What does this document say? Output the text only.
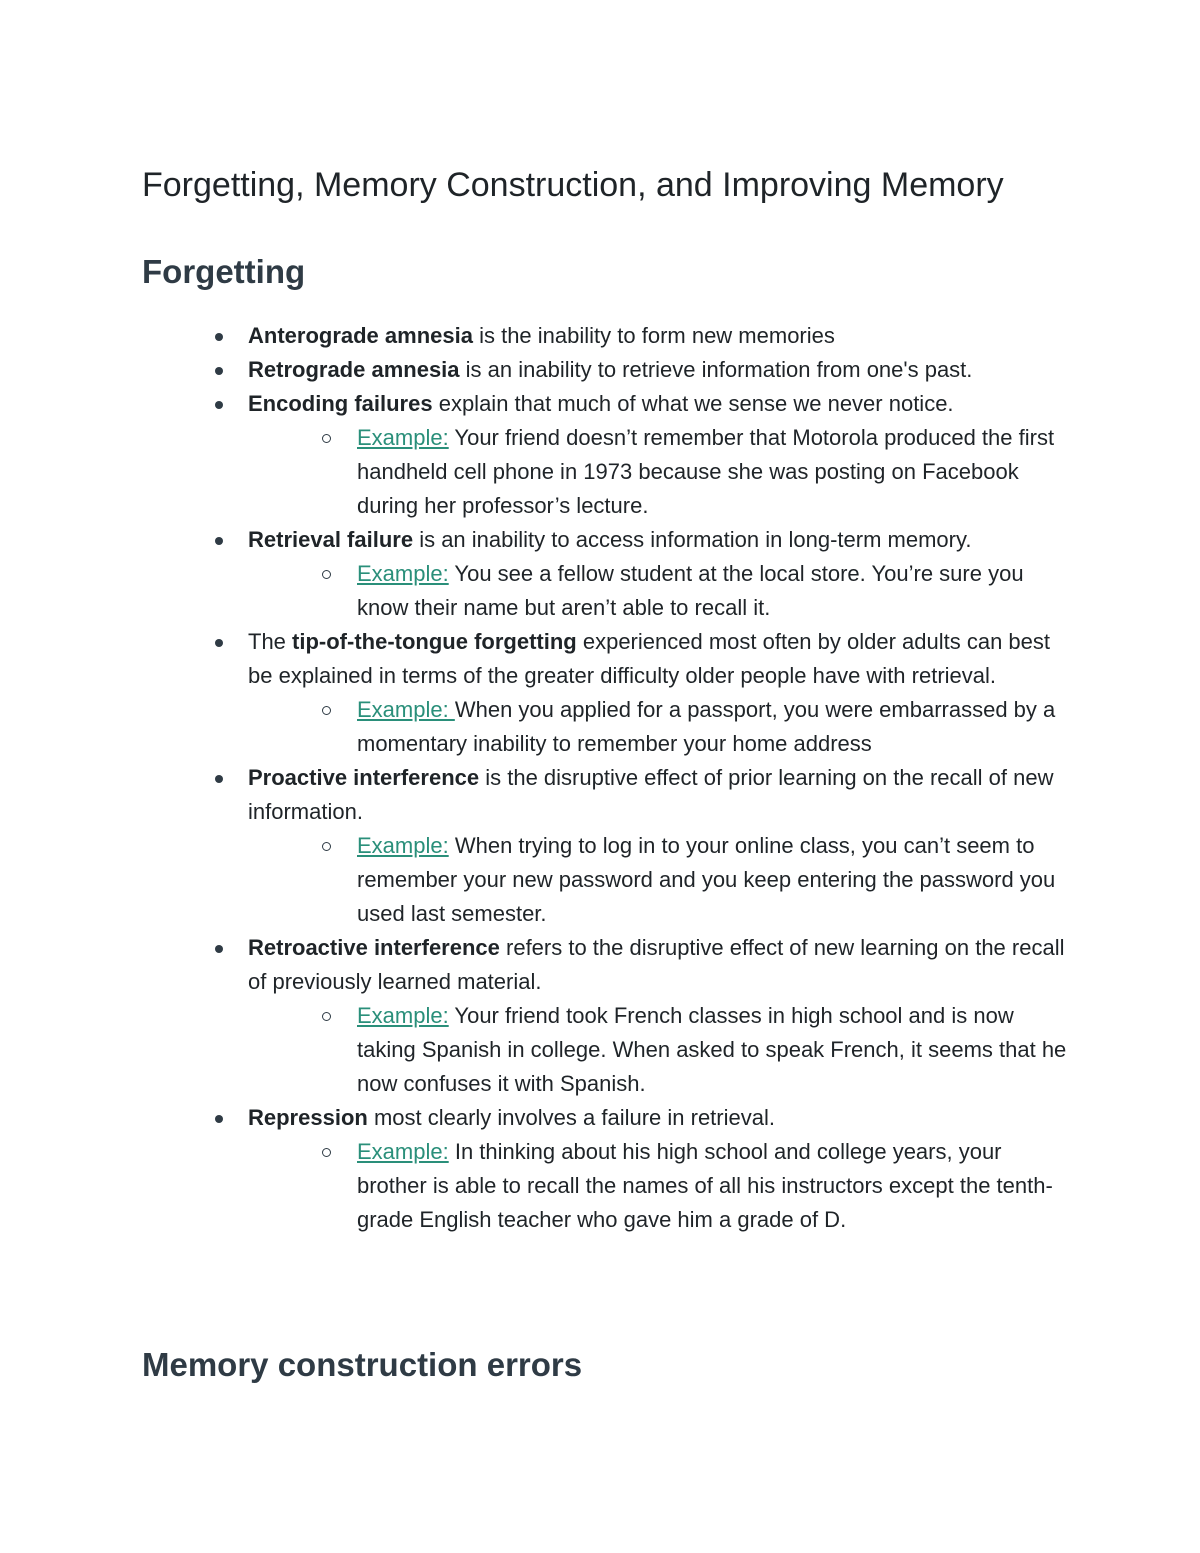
Forgetting, Memory Construction, and Improving Memory
Forgetting
Anterograde amnesia is the inability to form new memories
Retrograde amnesia is an inability to retrieve information from one's past.
Encoding failures explain that much of what we sense we never notice.
Example: Your friend doesn’t remember that Motorola produced the first handheld cell phone in 1973 because she was posting on Facebook during her professor’s lecture.
Retrieval failure is an inability to access information in long-term memory.
Example: You see a fellow student at the local store. You’re sure you know their name but aren’t able to recall it.
The tip-of-the-tongue forgetting experienced most often by older adults can best be explained in terms of the greater difficulty older people have with retrieval.
Example: When you applied for a passport, you were embarrassed by a momentary inability to remember your home address
Proactive interference is the disruptive effect of prior learning on the recall of new information.
Example: When trying to log in to your online class, you can’t seem to remember your new password and you keep entering the password you used last semester.
Retroactive interference refers to the disruptive effect of new learning on the recall of previously learned material.
Example: Your friend took French classes in high school and is now taking Spanish in college. When asked to speak French, it seems that he now confuses it with Spanish.
Repression most clearly involves a failure in retrieval.
Example: In thinking about his high school and college years, your brother is able to recall the names of all his instructors except the tenth-grade English teacher who gave him a grade of D.
Memory construction errors
